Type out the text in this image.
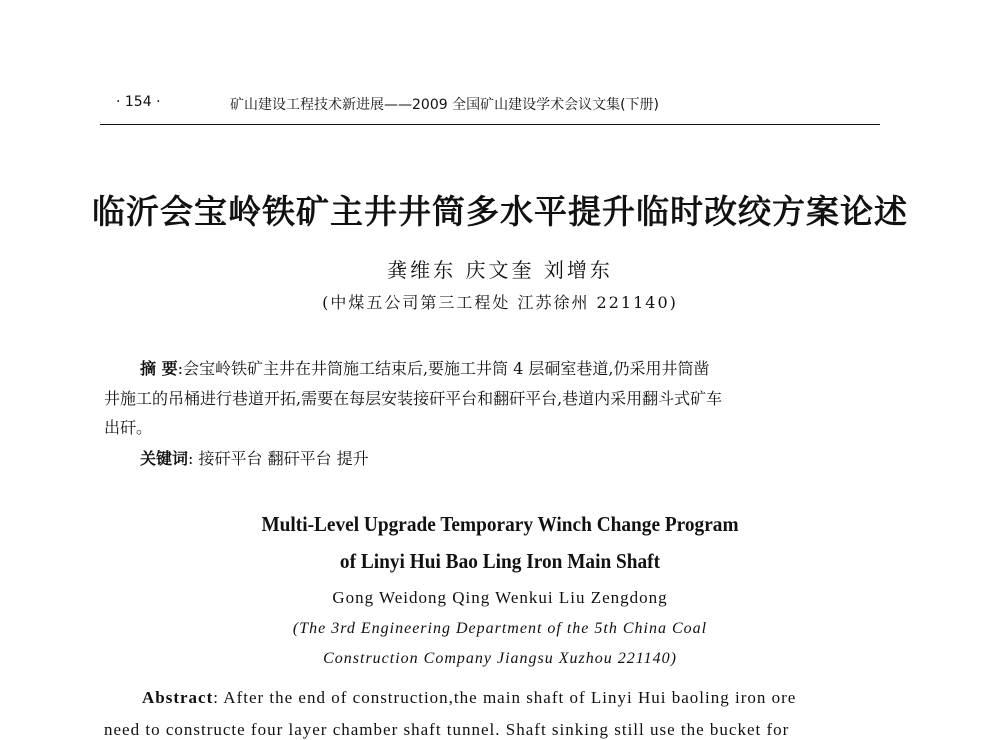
· 154 ·	矿山建设工程技术新进展——2009 全国矿山建设学术会议文集(下册)
临沂会宝岭铁矿主井井筒多水平提升临时改绞方案论述
龚维东 庆文奎 刘增东
(中煤五公司第三工程处 江苏徐州 221140)
摘 要:会宝岭铁矿主井在井筒施工结束后,要施工井筒 4 层硐室巷道,仍采用井筒凿
井施工的吊桶进行巷道开拓,需要在每层安装接矸平台和翻矸平台,巷道内采用翻斗式矿车
出矸。
关键词: 接矸平台 翻矸平台 提升
Multi-Level Upgrade Temporary Winch Change Program
of Linyi Hui Bao Ling Iron Main Shaft
Gong Weidong Qing Wenkui Liu Zengdong
(The 3rd Engineering Department of the 5th China Coal
Construction Company Jiangsu Xuzhou 221140)
Abstract: After the end of construction,the main shaft of Linyi Hui baoling iron ore
need to constructe four layer chamber shaft tunnel. Shaft sinking still use the bucket for
